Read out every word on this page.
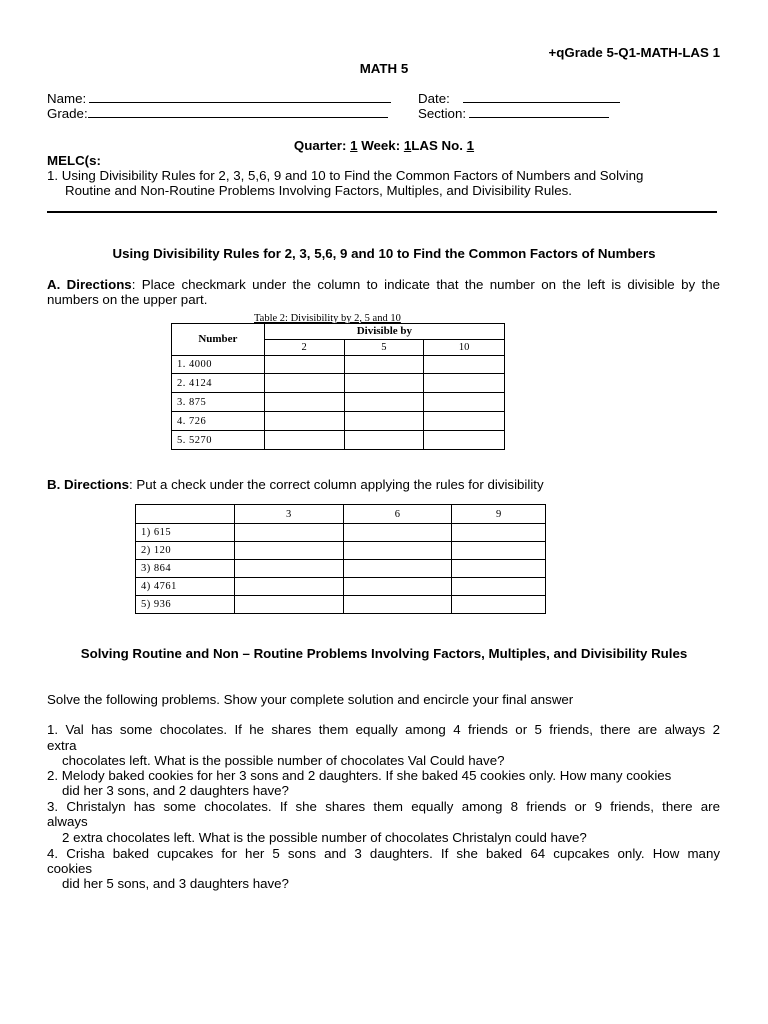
+qGrade 5-Q1-MATH-LAS 1
MATH 5
Name:	Date:
Grade:	Section:
Quarter: 1 Week: 1LAS No. 1
MELC(s:
1. Using Divisibility Rules for 2, 3, 5,6, 9 and 10 to Find the Common Factors of Numbers and Solving
Routine and Non-Routine Problems Involving Factors, Multiples, and Divisibility Rules.
Using Divisibility Rules for 2, 3, 5,6, 9 and 10 to Find the Common Factors of Numbers
A. Directions: Place checkmark under the column to indicate that the number on the left is divisible by the
numbers on the upper part.
Table 2: Divisibility by 2, 5 and 10
Number	Divisible by		
	2	5	10
1. 4000			
2. 4124			
3. 875			
4. 726			
5. 5270			
B. Directions: Put a check under the correct column applying the rules for divisibility
	3	6	9
1) 615			
2) 120			
3) 864			
4) 4761			
5) 936			
Solving Routine and Non – Routine Problems Involving Factors, Multiples, and Divisibility Rules
Solve the following problems. Show your complete solution and encircle your final answer
1. Val has some chocolates. If he shares them equally among 4 friends or 5 friends, there are always 2
extra
chocolates left. What is the possible number of chocolates Val Could have?
2. Melody baked cookies for her 3 sons and 2 daughters. If she baked 45 cookies only. How many cookies
did her 3 sons, and 2 daughters have?
3. Christalyn has some chocolates. If she shares them equally among 8 friends or 9 friends, there are
always
2 extra chocolates left. What is the possible number of chocolates Christalyn could have?
4. Crisha baked cupcakes for her 5 sons and 3 daughters. If she baked 64 cupcakes only. How many
cookies
did her 5 sons, and 3 daughters have?
